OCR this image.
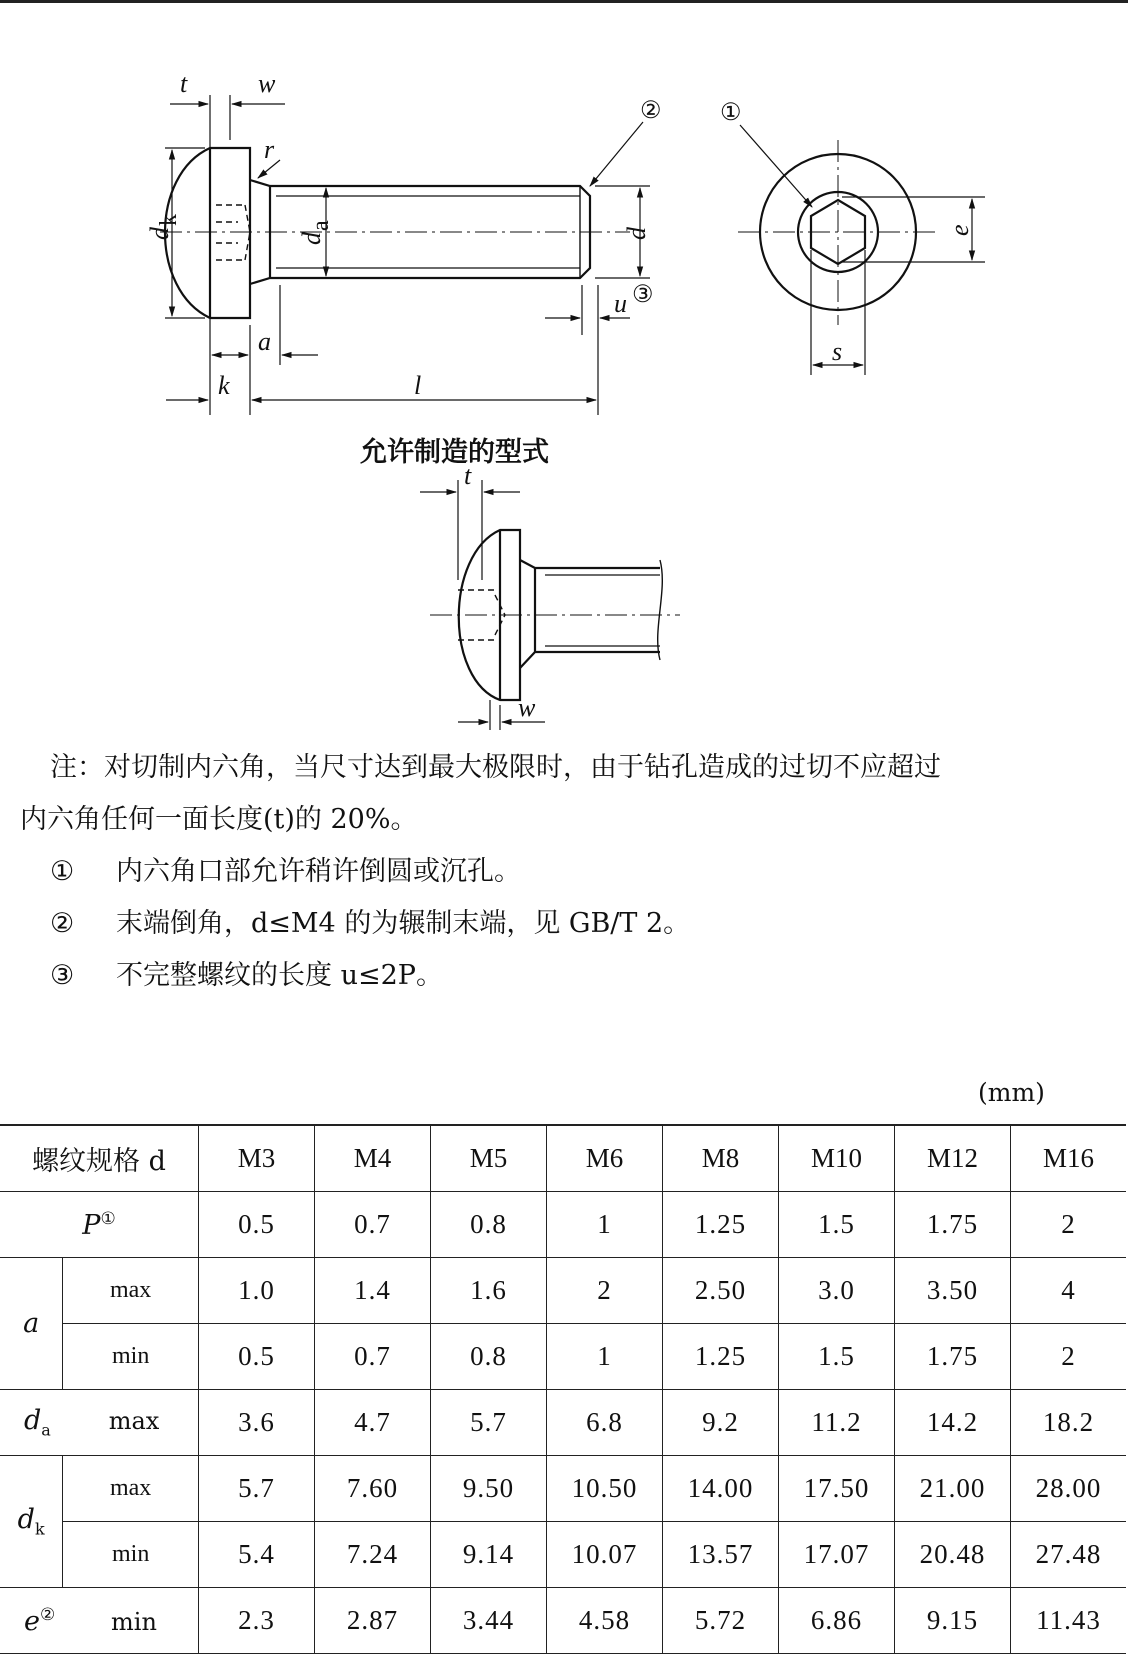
t	w
r
d
k
d
a
d
u ③
a
k	l
e
s
①
②
t
w
允许制造的型式

注：对切制内六角，当尺寸达到最大极限时，由于钻孔造成的过切不应超过

内六角任何一面长度(t)的 20%。

① 内六角口部允许稍许倒圆或沉孔。

② 末端倒角，d≤M4 的为辗制末端，见 GB/T 2。

③ 不完整螺纹的长度 u≤2P。

(mm)
螺纹规格 d		M3	M4	M5	M6	M8	M10	M12	M16
P①		0.5	0.7	0.8	1	1.25	1.5	1.75	2
a	max	1.0	1.4	1.6	2	2.50	3.0	3.50	4
	min	0.5	0.7	0.8	1	1.25	1.5	1.75	2
$d_a$ max		3.6	4.7	5.7	6.8	9.2	11.2	14.2	18.2
$d_k$	max	5.7	7.60	9.50	10.50	14.00	17.50	21.00	28.00
	min	5.4	7.24	9.14	10.07	13.57	17.07	20.48	27.48
e② min		2.3	2.87	3.44	4.58	5.72	6.86	9.15	11.43
